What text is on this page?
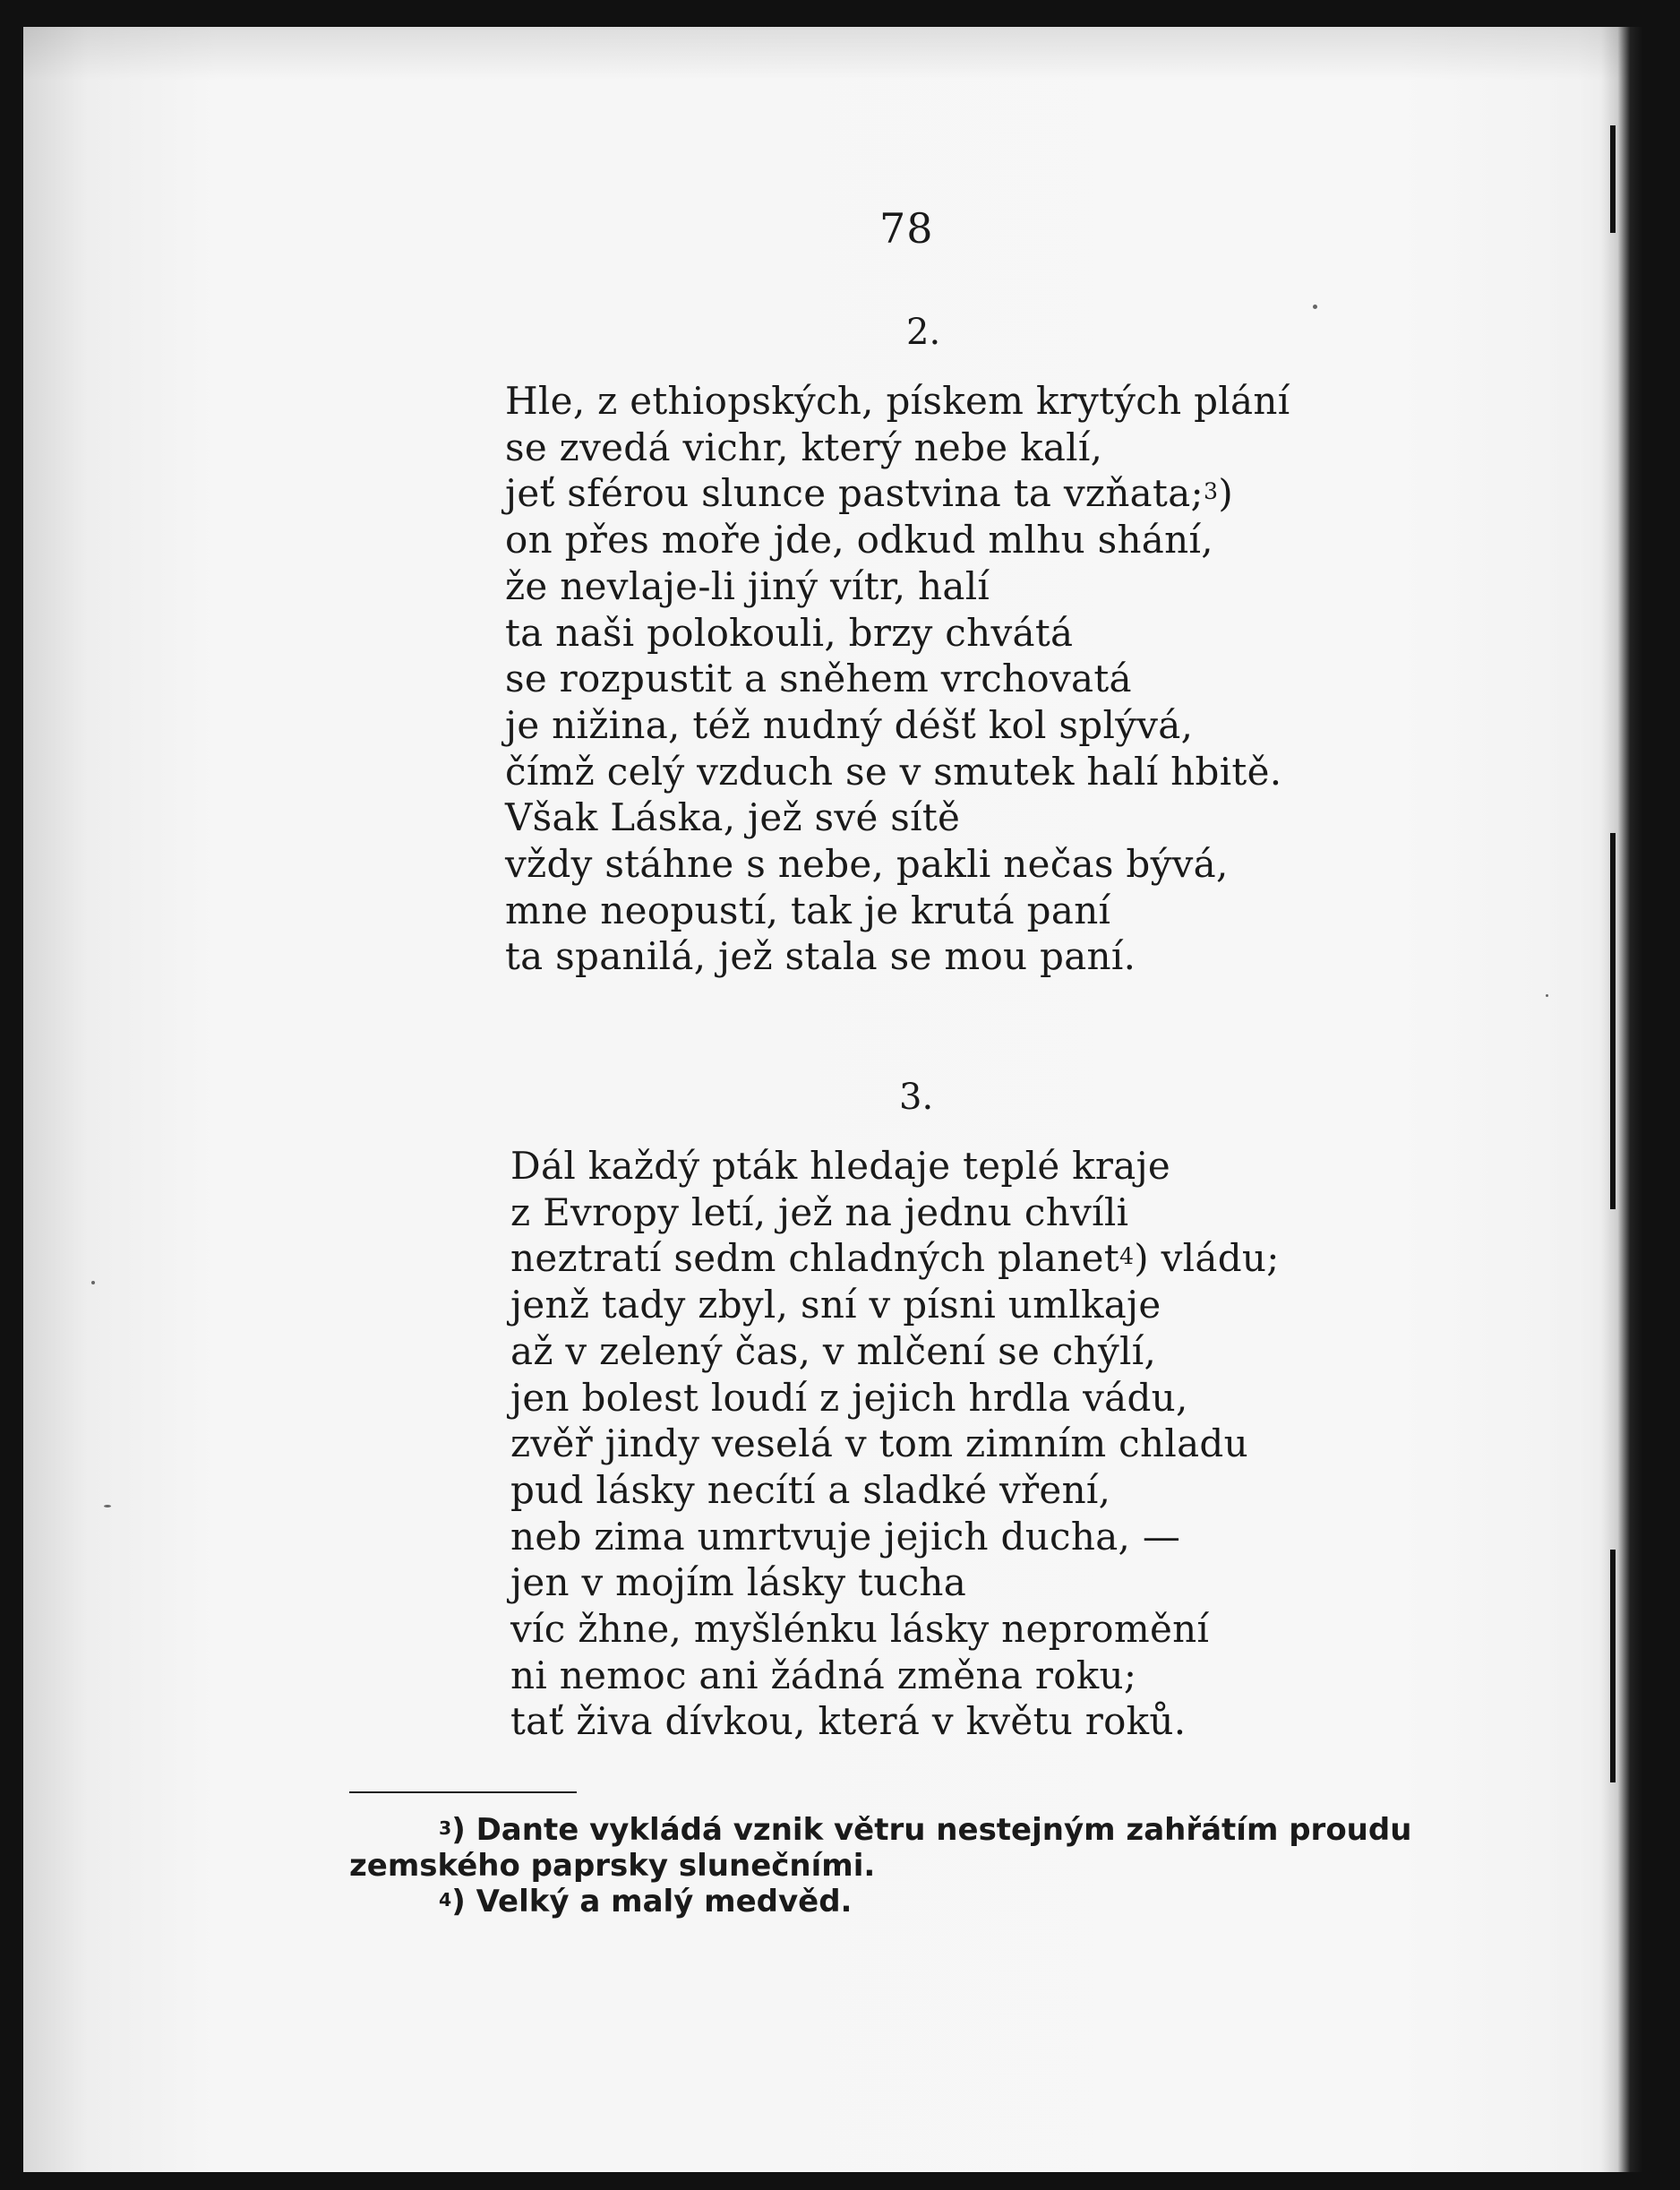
78
2.
Hle, z ethiopských, pískem krytých plání
se zvedá vichr, který nebe kalí,
jeť sférou slunce pastvina ta vzňata;$^3$)
on přes moře jde, odkud mlhu shání,
že nevlaje-li jiný vítr, halí
ta naši polokouli, brzy chvátá
se rozpustit a sněhem vrchovatá
je nižina, též nudný déšť kol splývá,
čímž celý vzduch se v smutek halí hbitě.
Však Láska, jež své sítě
vždy stáhne s nebe, pakli nečas bývá,
mne neopustí, tak je krutá paní
ta spanilá, jež stala se mou paní.
3.
Dál každý pták hledaje teplé kraje
z Evropy letí, jež na jednu chvíli
neztratí sedm chladných planet$^4$) vládu;
jenž tady zbyl, sní v písni umlkaje
až v zelený čas, v mlčení se chýlí,
jen bolest loudí z jejich hrdla vádu,
zvěř jindy veselá v tom zimním chladu
pud lásky necítí a sladké vření,
neb zima umrtvuje jejich ducha, —
jen v mojím lásky tucha
víc žhne, myšlénku lásky nepromění
ni nemoc ani žádná změna roku;
tať živa dívkou, která v květu roků.

$^3$) Dante vykládá vznik větru nestejným zahřátím proudu
zemského paprsky slunečními.

$^4$) Velký a malý medvěd.
